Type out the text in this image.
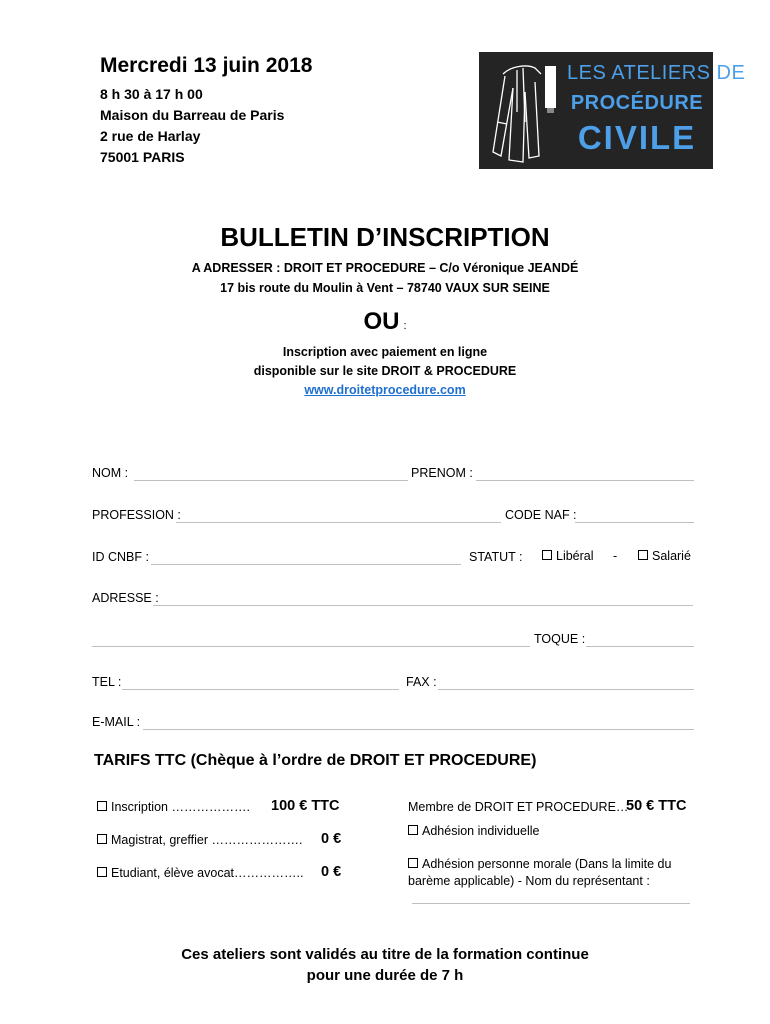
Mercredi 13 juin 2018
8 h 30 à 17 h 00
Maison du Barreau de Paris
2 rue de Harlay
75001 PARIS
LES ATELIERS DE
PROCÉDURE
CIVILE
BULLETIN D’INSCRIPTION
A ADRESSER : DROIT ET PROCEDURE – C/o Véronique JEANDÉ
17 bis route du Moulin à Vent – 78740 VAUX SUR SEINE
OU :
Inscription avec paiement en ligne
disponible sur le site DROIT & PROCEDURE
www.droitetprocedure.com
NOM :	PRENOM :
PROFESSION :	CODE NAF :
ID CNBF :	STATUT :	Libéral -	Salarié
ADRESSE :
TOQUE :
TEL :	FAX :
E-MAIL :
TARIFS TTC (Chèque à l’ordre de DROIT ET PROCEDURE)
Inscription ………………. 100 € TTC
Magistrat, greffier …………………. 0 €
Etudiant, élève avocat…………….. 0 €
Membre de DROIT ET PROCEDURE…
50 € TTC
Adhésion individuelle
Adhésion personne morale (Dans la limite du
barème applicable) - Nom du représentant :
Ces ateliers sont validés au titre de la formation continue
pour une durée de 7 h
